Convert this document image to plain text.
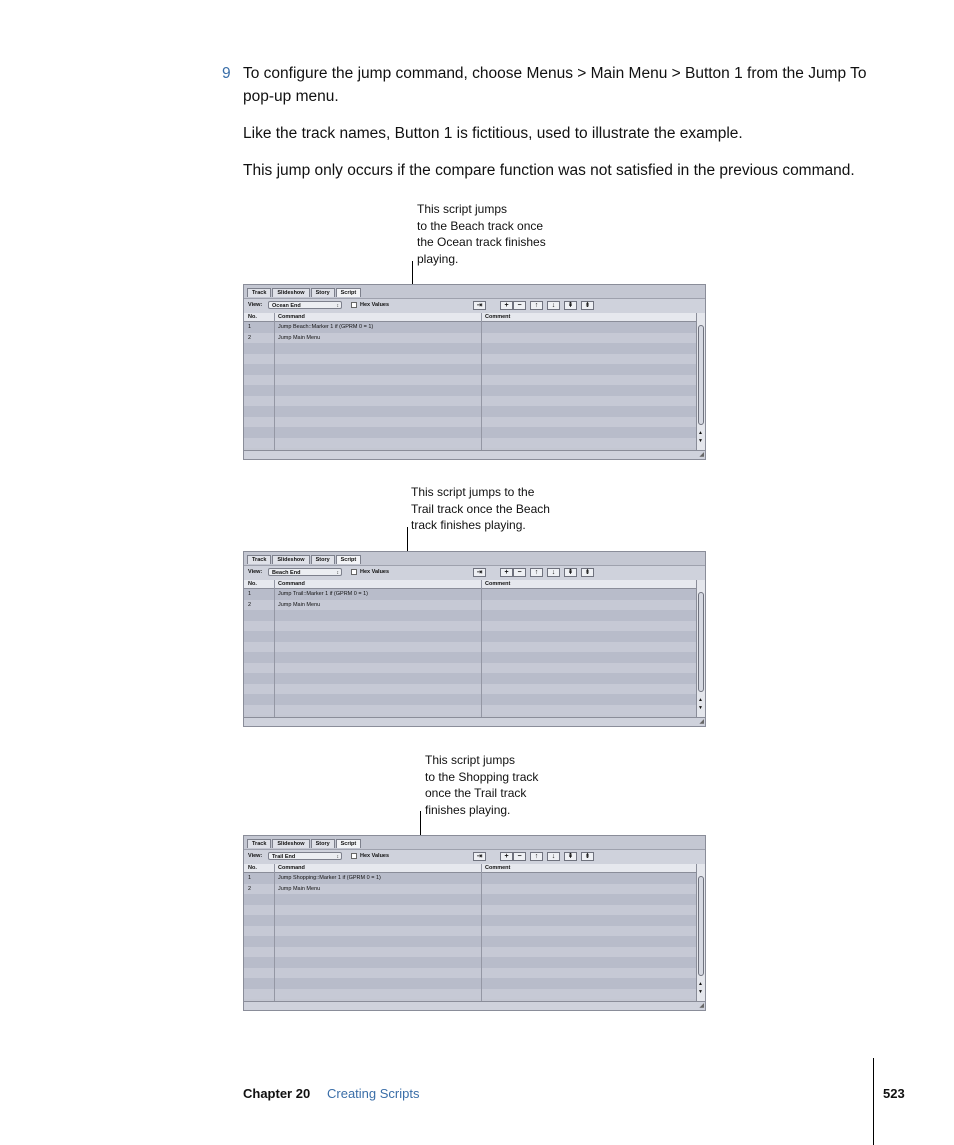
9 To configure the jump command, choose Menus > Main Menu > Button 1 from the Jump To pop-up menu.
Like the track names, Button 1 is fictitious, used to illustrate the example.
This jump only occurs if the compare function was not satisfied in the previous command.
This script jumps
to the Beach track once
the Ocean track finishes
playing.
This script jumps to the
Trail track once the Beach
track finishes playing.
This script jumps
to the Shopping track
once the Trail track
finishes playing.
Track	Slideshow	Story	Script
View:	Ocean End	↕	Hex Values	⇥	+	−	↑	↓	⇞	⇟
No.	Command	Comment
1	Jump Beach::Marker 1 if (GPRM 0 = 1)
2	Jump Main Menu
▲
▼
◢
Track	Slideshow	Story	Script
View:	Beach End	↕	Hex Values	⇥	+	−	↑	↓	⇞	⇟
No.	Command	Comment
1	Jump Trail::Marker 1 if (GPRM 0 = 1)
2	Jump Main Menu
▲
▼
◢
Track	Slideshow	Story	Script
View:	Trail End	↕	Hex Values	⇥	+	−	↑	↓	⇞	⇟
No.	Command	Comment
1	Jump Shopping::Marker 1 if (GPRM 0 = 1)
2	Jump Main Menu
▲
▼
◢
Chapter 20 Creating Scripts	523
